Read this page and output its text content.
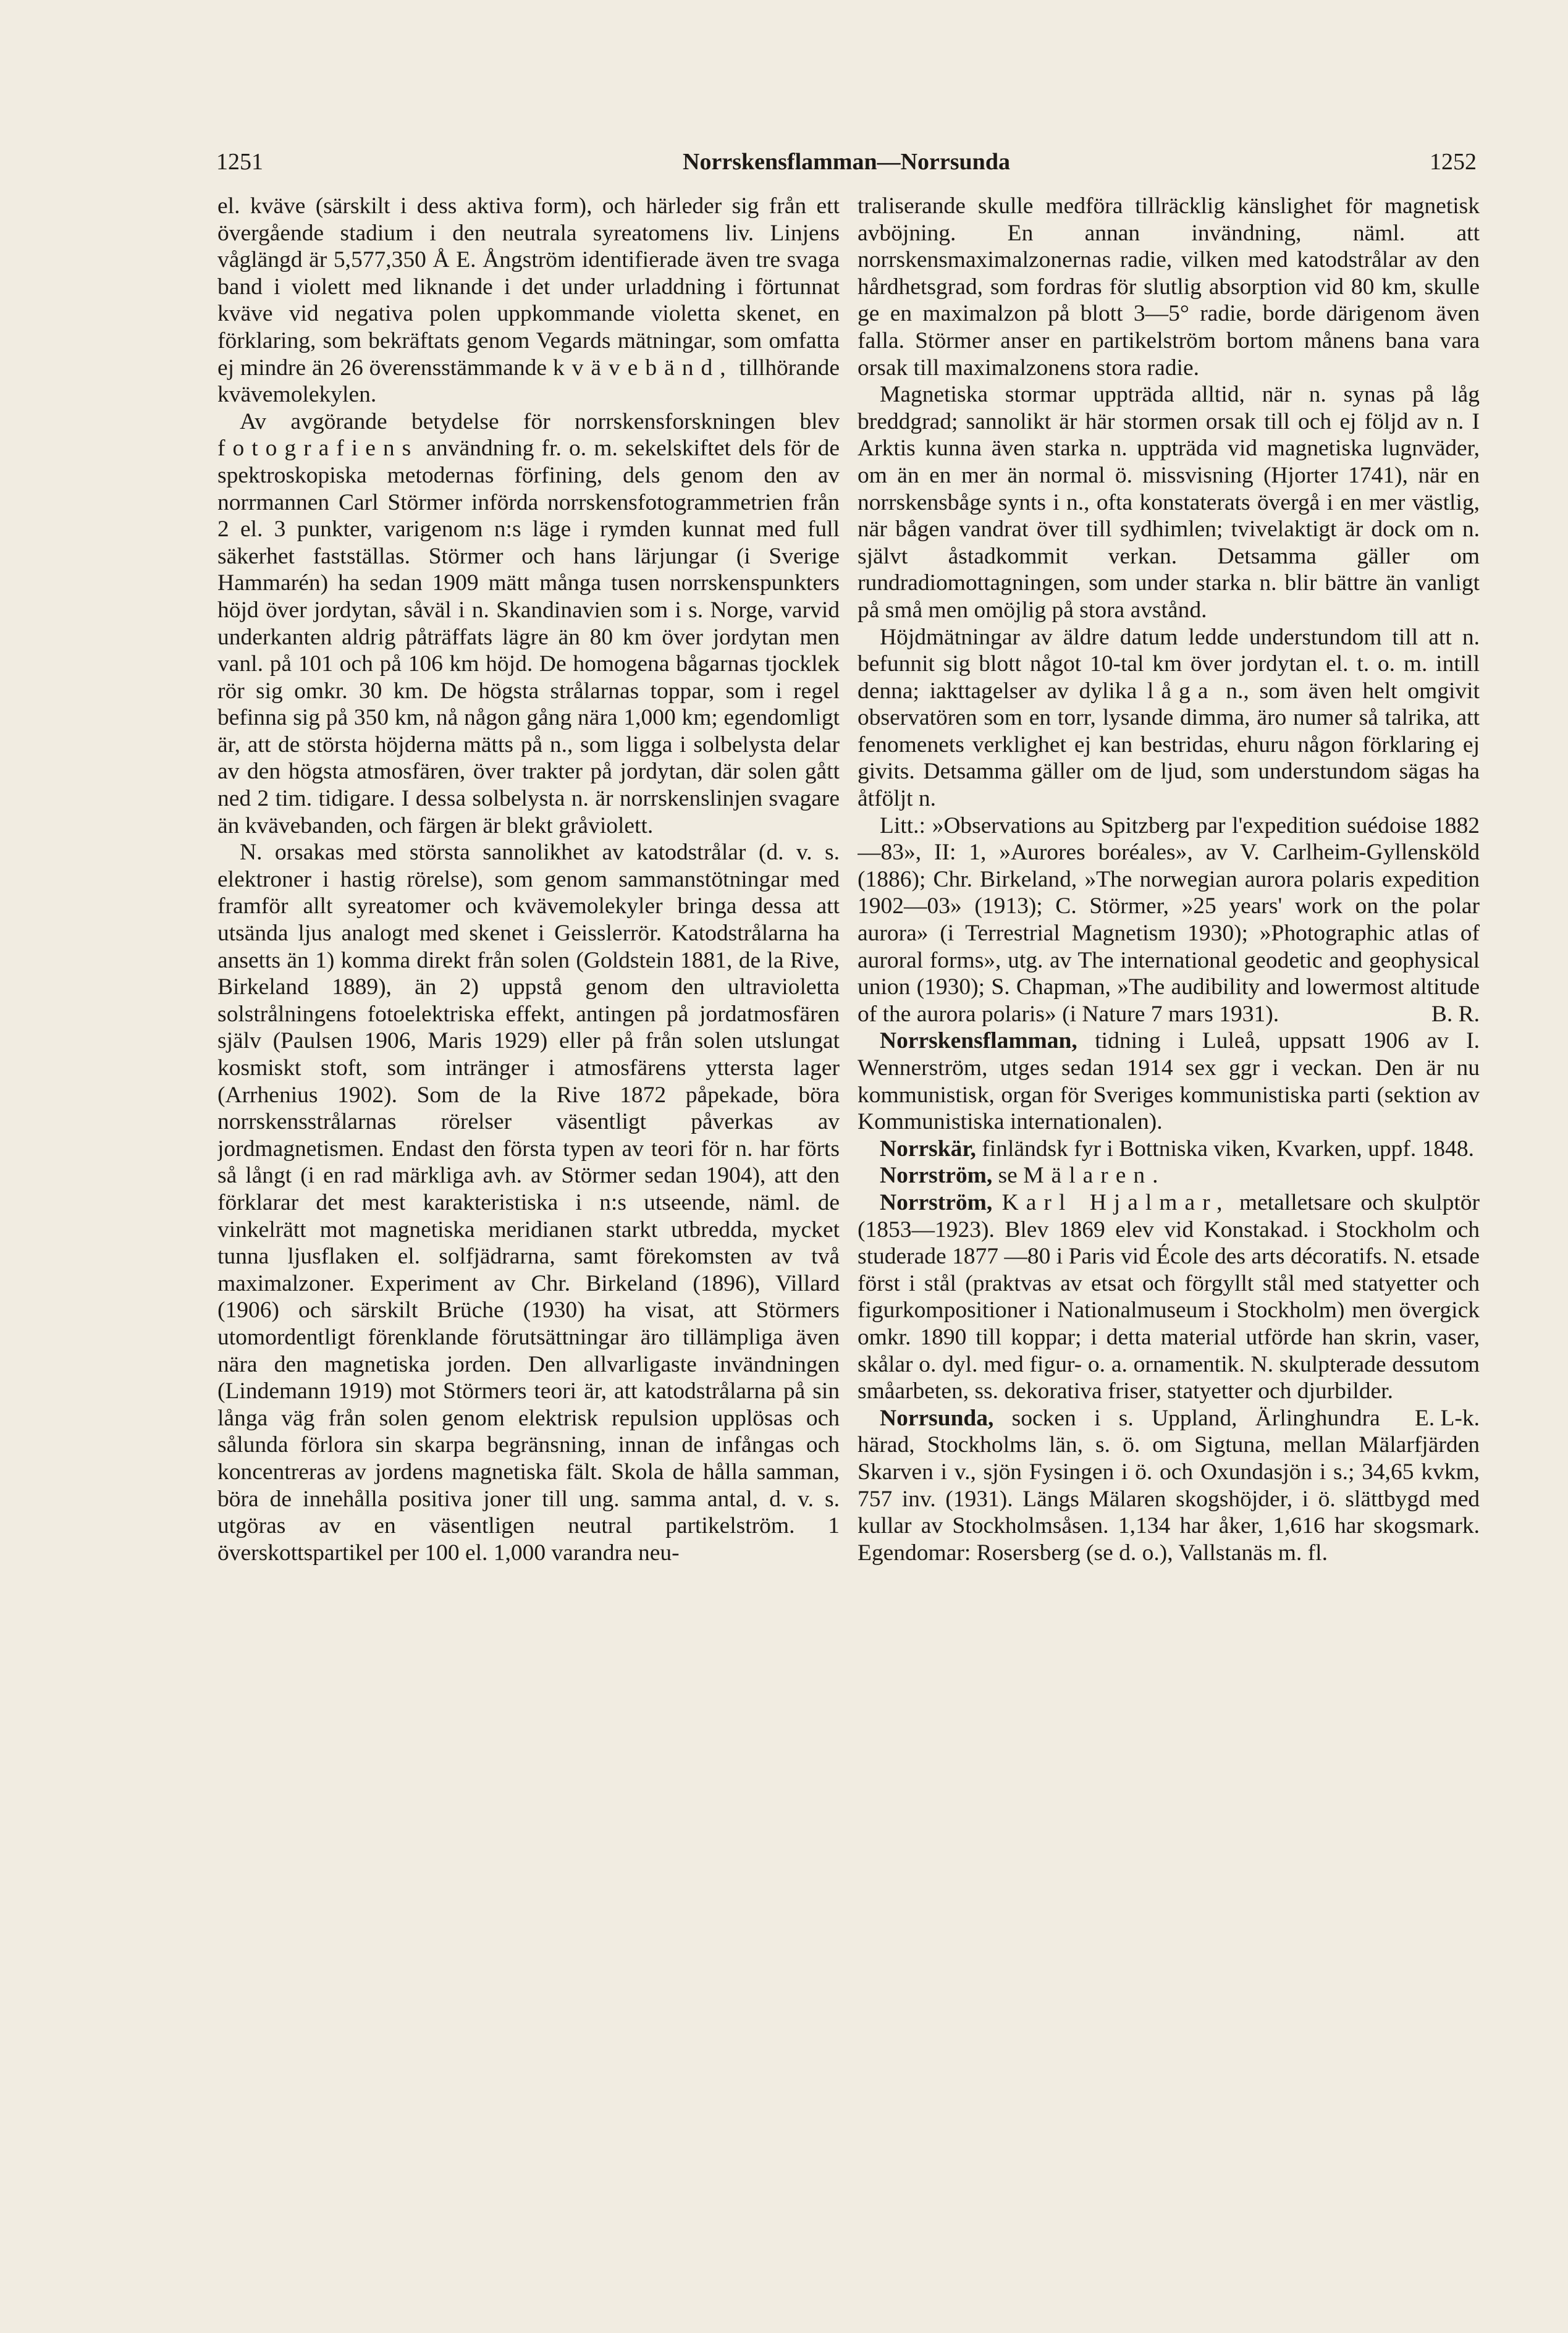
1251	Norrskensflamman—Norrsunda	1252

el. kväve (särskilt i dess aktiva form), och härleder sig från ett övergående stadium i den neutrala syreatomens liv. Linjens våglängd är 5,577,350 Å E. Ångström identifierade även tre svaga band i violett med liknande i det under urladdning i förtunnat kväve vid negativa polen uppkommande violetta skenet, en förklaring, som bekräftats genom Vegards mätningar, som omfatta ej mindre än 26 överensstämmande kvävebänd, tillhörande kvävemolekylen.

Av avgörande betydelse för norrskensforskningen blev fotografiens användning fr. o. m. sekelskiftet dels för de spektroskopiska metodernas förfining, dels genom den av norrmannen Carl Störmer införda norrskensfotogrammetrien från 2 el. 3 punkter, varigenom n:s läge i rymden kunnat med full säkerhet fastställas. Störmer och hans lärjungar (i Sverige Hammarén) ha sedan 1909 mätt många tusen norrskenspunkters höjd över jordytan, såväl i n. Skandinavien som i s. Norge, varvid underkanten aldrig påträffats lägre än 80 km över jordytan men vanl. på 101 och på 106 km höjd. De homogena bågarnas tjocklek rör sig omkr. 30 km. De högsta strålarnas toppar, som i regel befinna sig på 350 km, nå någon gång nära 1,000 km; egendomligt är, att de största höjderna mätts på n., som ligga i solbelysta delar av den högsta atmosfären, över trakter på jordytan, där solen gått ned 2 tim. tidigare. I dessa solbelysta n. är norrskenslinjen svagare än kvävebanden, och färgen är blekt gråviolett.

N. orsakas med största sannolikhet av katodstrålar (d. v. s. elektroner i hastig rörelse), som genom sammanstötningar med framför allt syreatomer och kvävemolekyler bringa dessa att utsända ljus analogt med skenet i Geisslerrör. Katodstrålarna ha ansetts än 1) komma direkt från solen (Goldstein 1881, de la Rive, Birkeland 1889), än 2) uppstå genom den ultravioletta solstrålningens fotoelektriska effekt, antingen på jordatmosfären själv (Paulsen 1906, Maris 1929) eller på från solen utslungat kosmiskt stoft, som intränger i atmosfärens yttersta lager (Arrhenius 1902). Som de la Rive 1872 påpekade, böra norrskensstrålarnas rörelser väsentligt påverkas av jordmagnetismen. Endast den första typen av teori för n. har förts så långt (i en rad märkliga avh. av Störmer sedan 1904), att den förklarar det mest karakteristiska i n:s utseende, näml. de vinkelrätt mot magnetiska meridianen starkt utbredda, mycket tunna ljusflaken el. solfjädrarna, samt förekomsten av två maximalzoner. Experiment av Chr. Birkeland (1896), Villard (1906) och särskilt Brüche (1930) ha visat, att Störmers utomordentligt förenklande förutsättningar äro tillämpliga även nära den magnetiska jorden. Den allvarligaste invändningen (Lindemann 1919) mot Störmers teori är, att katodstrålarna på sin långa väg från solen genom elektrisk repulsion upplösas och sålunda förlora sin skarpa begränsning, innan de infångas och koncentreras av jordens magnetiska fält. Skola de hålla samman, böra de innehålla positiva joner till ung. samma antal, d. v. s. utgöras av en väsentligen neutral partikelström. 1 överskottspartikel per 100 el. 1,000 varandra neu-

traliserande skulle medföra tillräcklig känslighet för magnetisk avböjning. En annan invändning, näml. att norrskensmaximalzonernas radie, vilken med katodstrålar av den hårdhetsgrad, som fordras för slutlig absorption vid 80 km, skulle ge en maximalzon på blott 3—5° radie, borde därigenom även falla. Störmer anser en partikelström bortom månens bana vara orsak till maximalzonens stora radie.

Magnetiska stormar uppträda alltid, när n. synas på låg breddgrad; sannolikt är här stormen orsak till och ej följd av n. I Arktis kunna även starka n. uppträda vid magnetiska lugnväder, om än en mer än normal ö. missvisning (Hjorter 1741), när en norrskensbåge synts i n., ofta konstaterats övergå i en mer västlig, när bågen vandrat över till sydhimlen; tvivelaktigt är dock om n. självt åstadkommit verkan. Detsamma gäller om rundradiomottagningen, som under starka n. blir bättre än vanligt på små men omöjlig på stora avstånd.

Höjdmätningar av äldre datum ledde understundom till att n. befunnit sig blott något 10-tal km över jordytan el. t. o. m. intill denna; iakttagelser av dylika låga n., som även helt omgivit observatören som en torr, lysande dimma, äro numer så talrika, att fenomenets verklighet ej kan bestridas, ehuru någon förklaring ej givits. Detsamma gäller om de ljud, som understundom sägas ha åtföljt n.

Litt.: »Observations au Spitzberg par l'expedition suédoise 1882—83», II: 1, »Aurores boréales», av V. Carlheim-Gyllensköld (1886); Chr. Birkeland, »The norwegian aurora polaris expedition 1902—03» (1913); C. Störmer, »25 years' work on the polar aurora» (i Terrestrial Magnetism 1930); »Photographic atlas of auroral forms», utg. av The international geodetic and geophysical union (1930); S. Chapman, »The audibility and lowermost altitude of the aurora polaris» (i Nature 7 mars 1931).	B. R.

Norrskensflamman, tidning i Luleå, uppsatt 1906 av I. Wennerström, utges sedan 1914 sex ggr i veckan. Den är nu kommunistisk, organ för Sveriges kommunistiska parti (sektion av Kommunistiska internationalen).

Norrskär, finländsk fyr i Bottniska viken, Kvarken, uppf. 1848.

Norrström, se Mälaren.

Norrström, Karl Hjalmar, metalletsare och skulptör (1853—1923). Blev 1869 elev vid Konstakad. i Stockholm och studerade 1877 —80 i Paris vid École des arts décoratifs. N. etsade först i stål (praktvas av etsat och förgyllt stål med statyetter och figurkompositioner i Nationalmuseum i Stockholm) men övergick omkr. 1890 till koppar; i detta material utförde han skrin, vaser, skålar o. dyl. med figur- o. a. ornamentik. N. skulpterade dessutom småarbeten, ss. dekorativa friser, statyetter och djurbilder.
E. L-k.

Norrsunda, socken i s. Uppland, Ärlinghundra härad, Stockholms län, s. ö. om Sigtuna, mellan Mälarfjärden Skarven i v., sjön Fysingen i ö. och Oxundasjön i s.; 34,65 kvkm, 757 inv. (1931). Längs Mälaren skogshöjder, i ö. slättbygd med kullar av Stockholmsåsen. 1,134 har åker, 1,616 har skogsmark. Egendomar: Rosersberg (se d. o.), Vallstanäs m. fl.
